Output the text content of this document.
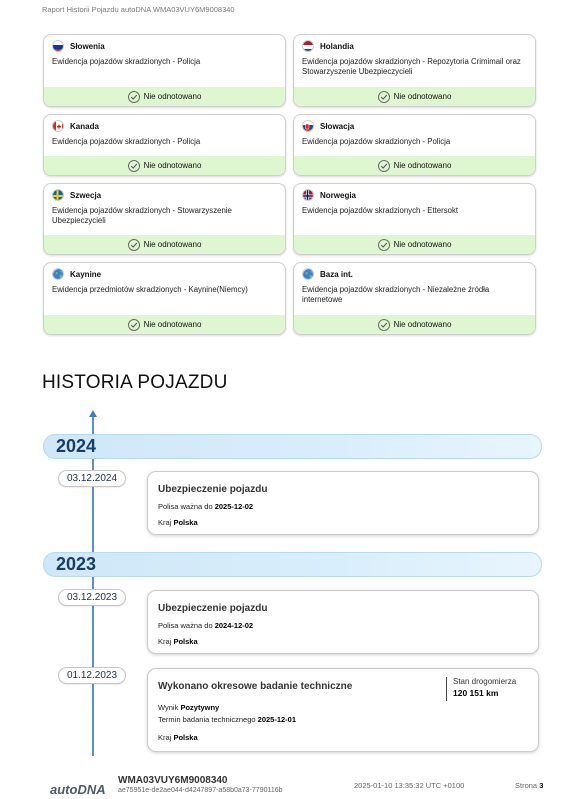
Raport Historii Pojazdu autoDNA WMA03VUY6M9008340
Słowenia
Ewidencja pojazdów skradzionych - Policja
Nie odnotowano
Holandia
Ewidencja pojazdów skradzionych - Repozytoria Crimimail oraz Stowarzyszenie Ubezpieczycieli
Nie odnotowano
Kanada
Ewidencja pojazdów skradzionych - Policja
Nie odnotowano
Słowacja
Ewidencja pojazdów skradzionych - Policja
Nie odnotowano
Szwecja
Ewidencja pojazdów skradzionych - Stowarzyszenie Ubezpieczycieli
Nie odnotowano
Norwegia
Ewidencja pojazdów skradzionych - Ettersokt
Nie odnotowano
Kaynine
Ewidencja przedmiotów skradzionych - Kaynine(Niemcy)
Nie odnotowano
Baza int.
Ewidencja pojazdów skradzionych - Niezależne źródła internetowe
Nie odnotowano
HISTORIA POJAZDU
2024
03.12.2024
Ubezpieczenie pojazdu
Polisa ważna do 2025-12-02
Kraj Polska
2023
03.12.2023
Ubezpieczenie pojazdu
Polisa ważna do 2024-12-02
Kraj Polska
01.12.2023
Wykonano okresowe badanie techniczne	Stan drogomierza
120 151 km
Wynik Pozytywny
Termin badania technicznego 2025-12-01
Kraj Polska
autoDNA
WMA03VUY6M9008340
ae75951e-de2ae044-d4247897-a58b0a73-7790116b
2025-01-10 13:35:32 UTC +0100	Strona 3
